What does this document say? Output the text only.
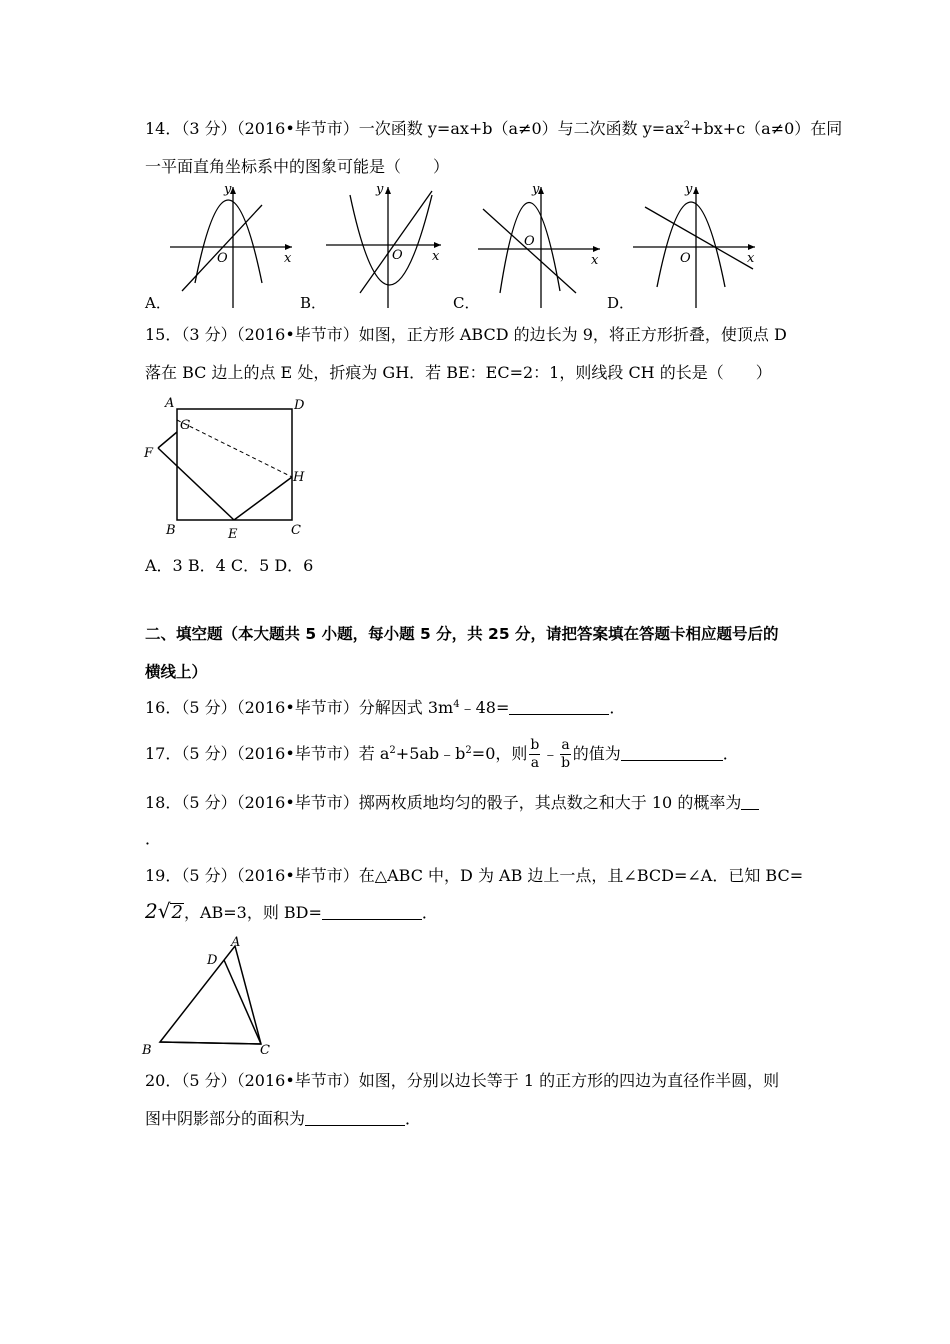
14．（3 分）（2016•毕节市）一次函数 y=ax+b（a≠0）与二次函数 $y=ax^2+bx+c(a\ne 0)$在同
一平面直角坐标系中的图象可能是（　　）
O	x
y
A．
O x
y
B．
O
x
y
C．
O	x
y
D．
15．（3 分）（2016•毕节市）如图，正方形 ABCD 的边长为 9，将正方形折叠，使顶点 D
落在 BC 边上的点 E 处，折痕为 GH．若 BE：EC=2：1，则线段 CH 的长是（　　）
A	D
G
F
H
B	E	C
A．3 B．4 C．5 D．6
二、填空题（本大题共 5 小题，每小题 5 分，共 25 分，请把答案填在答题卡相应题号后的
横线上）
16．（5 分）（2016•毕节市）分解因式 $3m^4﹣48=$	．
17．（5 分）（2016•毕节市）若 $a^2+5ab﹣b^2=0$，则 $\frac{b}{a}$ ﹣ $\frac{a}{b}$ 的值为	．
18．（5 分）（2016•毕节市）掷两枚质地均匀的骰子，其点数之和大于 10 的概率为
．
19．（5 分）（2016•毕节市）在△ABC 中，D 为 AB 边上一点，且∠BCD=∠A．已知 BC=
2√2，AB=3，则 BD=	．
A
D
B	C
20．（5 分）（2016•毕节市）如图，分别以边长等于 1 的正方形的四边为直径作半圆，则
图中阴影部分的面积为	．
